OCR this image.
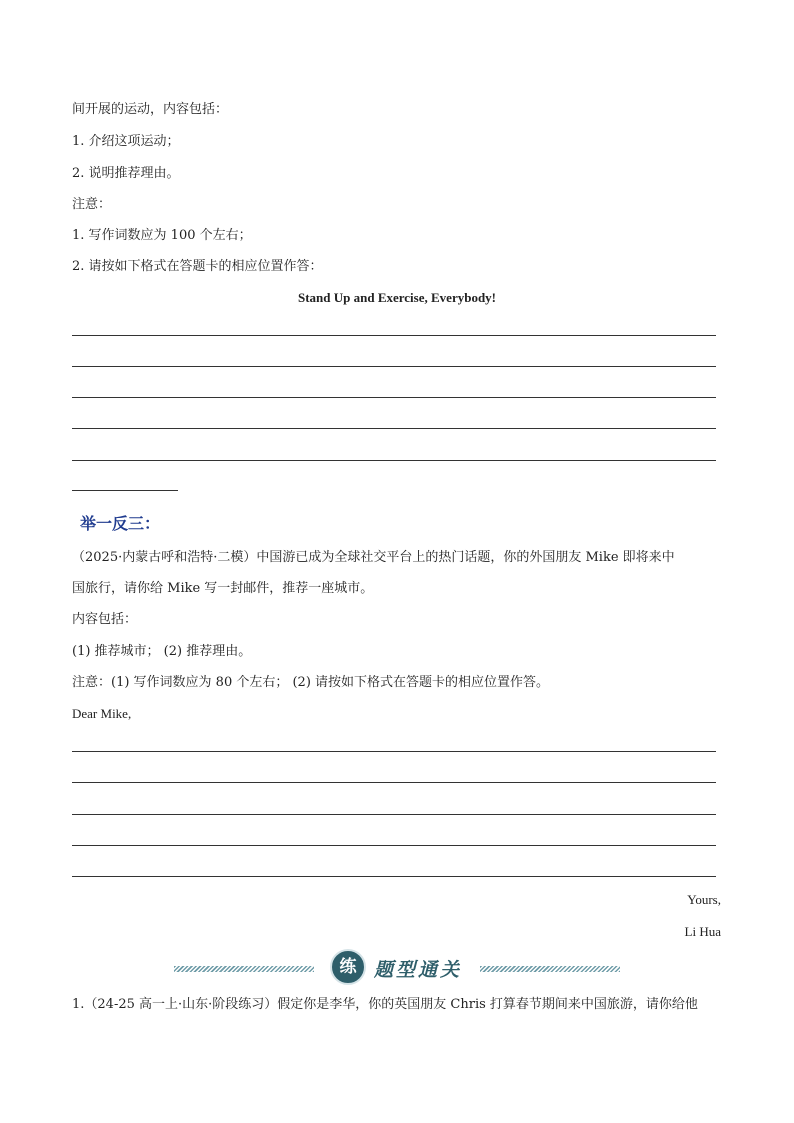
间开展的运动，内容包括：
1. 介绍这项运动；
2. 说明推荐理由。
注意：
1. 写作词数应为 100 个左右；
2. 请按如下格式在答题卡的相应位置作答：
Stand Up and Exercise, Everybody!
举一反三：
（2025·内蒙古呼和浩特·二模）中国游已成为全球社交平台上的热门话题，你的外国朋友 Mike 即将来中
国旅行，请你给 Mike 写一封邮件，推荐一座城市。
内容包括：
(1) 推荐城市； (2) 推荐理由。
注意：(1) 写作词数应为 80 个左右； (2) 请按如下格式在答题卡的相应位置作答。
Dear Mike,
Yours,
Li Hua
练 题型通关
1.（24-25 高一上·山东·阶段练习）假定你是李华，你的英国朋友 Chris 打算春节期间来中国旅游，请你给他
